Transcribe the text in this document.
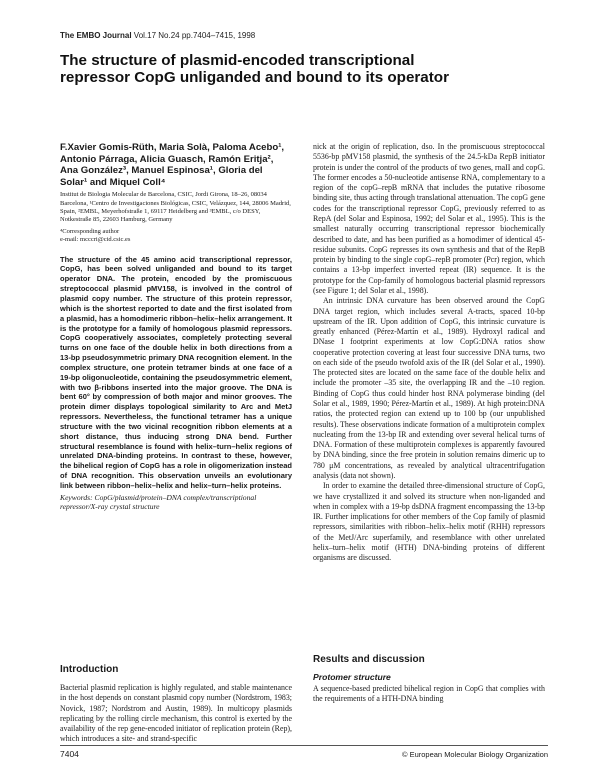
The EMBO Journal Vol.17 No.24 pp.7404–7415, 1998
The structure of plasmid-encoded transcriptional repressor CopG unliganded and bound to its operator

F.Xavier Gomis-Rüth, Maria Solà, Paloma Acebo¹, Antonio Párraga, Alicia Guasch, Ramón Eritja², Ana González³, Manuel Espinosa¹, Gloria del Solar¹ and Miquel Coll⁴

Institut de Biologia Molecular de Barcelona, CSIC, Jordi Girona, 18–26, 08034 Barcelona, ¹Centro de Investigaciones Biológicas, CSIC, Velázquez, 144, 28006 Madrid, Spain, ²EMBL, Meyerhofstraße 1, 69117 Heidelberg and ³EMBL, c/o DESY, Notkestraße 85, 22603 Hamburg, Germany

⁴Corresponding author
e-mail: mcccri@cid.csic.es

The structure of the 45 amino acid transcriptional repressor, CopG, has been solved unliganded and bound to its target operator DNA. The protein, encoded by the promiscuous streptococcal plasmid pMV158, is involved in the control of plasmid copy number. The structure of this protein repressor, which is the shortest reported to date and the first isolated from a plasmid, has a homodimeric ribbon–helix–helix arrangement. It is the prototype for a family of homologous plasmid repressors. CopG cooperatively associates, completely protecting several turns on one face of the double helix in both directions from a 13-bp pseudosymmetric primary DNA recognition element. In the complex structure, one protein tetramer binds at one face of a 19-bp oligonucleotide, containing the pseudosymmetric element, with two β-ribbons inserted into the major groove. The DNA is bent 60° by compression of both major and minor grooves. The protein dimer displays topological similarity to Arc and MetJ repressors. Nevertheless, the functional tetramer has a unique structure with the two vicinal recognition ribbon elements at a short distance, thus inducing strong DNA bend. Further structural resemblance is found with helix–turn–helix regions of unrelated DNA-binding proteins. In contrast to these, however, the bihelical region of CopG has a role in oligomerization instead of DNA recognition. This observation unveils an evolutionary link between ribbon–helix–helix and helix–turn–helix proteins.

Keywords: CopG/plasmid/protein–DNA complex/transcriptional repressor/X-ray crystal structure

Introduction

Bacterial plasmid replication is highly regulated, and stable maintenance in the host depends on constant plasmid copy number (Nordstrom, 1983; Novick, 1987; Nordstrom and Austin, 1989). In multicopy plasmids replicating by the rolling circle mechanism, this control is exerted by the availability of the rep gene-encoded initiator of replication protein (Rep), which introduces a site- and strand-specific

nick at the origin of replication, dso. In the promiscuous streptococcal 5536-bp pMV158 plasmid, the synthesis of the 24.5-kDa RepB initiator protein is under the control of the products of two genes, rnaII and copG. The former encodes a 50-nucleotide antisense RNA, complementary to a region of the copG–repB mRNA that includes the putative ribosome binding site, thus acting through translational attenuation. The copG gene codes for the transcriptional repressor CopG, previously referred to as RepA (del Solar and Espinosa, 1992; del Solar et al., 1995). This is the smallest naturally occurring transcriptional repressor biochemically described to date, and has been purified as a homodimer of identical 45-residue subunits. CopG represses its own synthesis and that of the RepB protein by binding to the single copG–repB promoter (Pcr) region, which contains a 13-bp imperfect inverted repeat (IR) sequence. It is the prototype for the Cop-family of homologous bacterial plasmid repressors (see Figure 1; del Solar et al., 1998).

An intrinsic DNA curvature has been observed around the CopG DNA target region, which includes several A-tracts, spaced 10-bp upstream of the IR. Upon addition of CopG, this intrinsic curvature is greatly enhanced (Pérez-Martín et al., 1989). Hydroxyl radical and DNase I footprint experiments at low CopG:DNA ratios show cooperative protection covering at least four successive DNA turns, two on each side of the pseudo twofold axis of the IR (del Solar et al., 1990). The protected sites are located on the same face of the double helix and include the promoter –35 site, the overlapping IR and the –10 region. Binding of CopG thus could hinder host RNA polymerase binding (del Solar et al., 1989, 1990; Pérez-Martín et al., 1989). At high protein:DNA ratios, the protected region can extend up to 100 bp (our unpublished results). These observations indicate formation of a multiprotein complex nucleating from the 13-bp IR and extending over several helical turns of DNA. Formation of these multiprotein complexes is apparently favoured by DNA binding, since the free protein in solution remains dimeric up to 780 μM concentrations, as revealed by analytical ultracentrifugation analysis (data not shown).

In order to examine the detailed three-dimensional structure of CopG, we have crystallized it and solved its structure when non-liganded and when in complex with a 19-bp dsDNA fragment encompassing the 13-bp IR. Further implications for other members of the Cop family of plasmid repressors, similarities with ribbon–helix–helix motif (RHH) repressors of the MetJ/Arc superfamily, and resemblance with other unrelated helix–turn–helix motif (HTH) DNA-binding proteins of different organisms are discussed.

Results and discussion
Protomer structure

A sequence-based predicted bihelical region in CopG that complies with the requirements of a HTH-DNA binding

7404	© European Molecular Biology Organization
